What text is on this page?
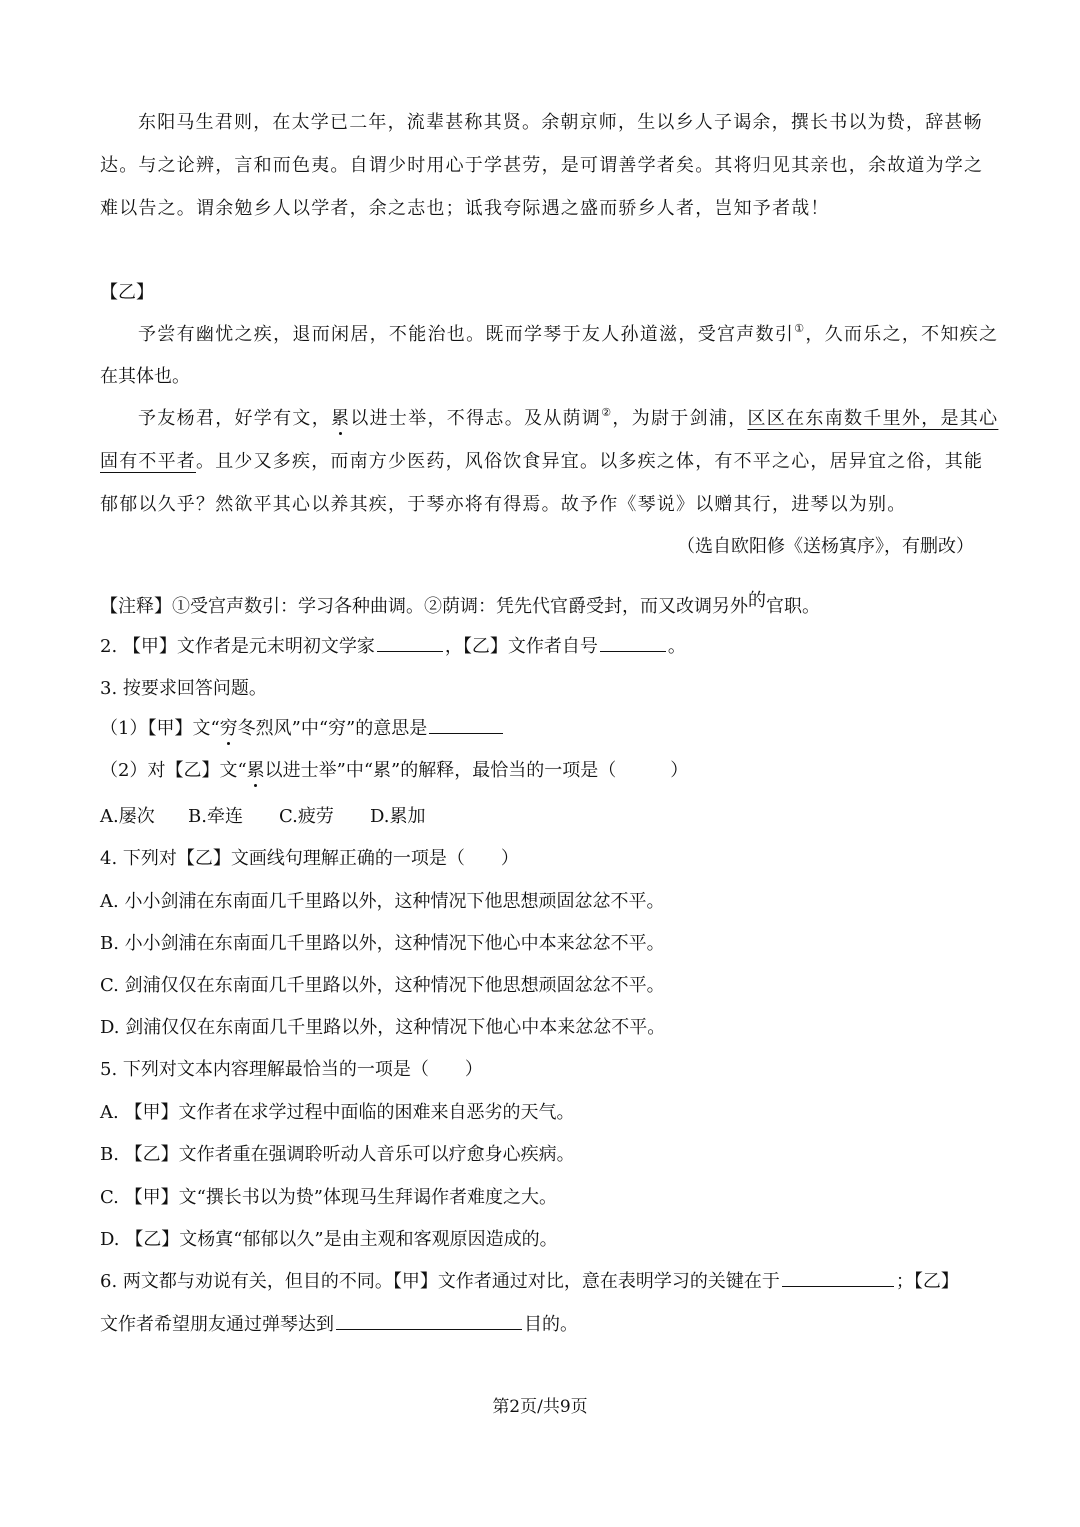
东阳马生君则，在太学已二年，流辈甚称其贤。余朝京师，生以乡人子谒余，撰长书以为贽，辞甚畅
达。与之论辨，言和而色夷。自谓少时用心于学甚劳，是可谓善学者矣。其将归见其亲也，余故道为学之
难以告之。谓余勉乡人以学者，余之志也；诋我夸际遇之盛而骄乡人者，岂知予者哉！
【乙】
予尝有幽忧之疾，退而闲居，不能治也。既而学琴于友人孙道滋，受宫声数引①，久而乐之，不知疾之
在其体也。
予友杨君，好学有文，累以进士举，不得志。及从荫调②，为尉于剑浦，区区在东南数千里外，是其心
固有不平者。且少又多疾，而南方少医药，风俗饮食异宜。以多疾之体，有不平之心，居异宜之俗，其能
郁郁以久乎？然欲平其心以养其疾，于琴亦将有得焉。故予作《琴说》以赠其行，进琴以为别。
（选自欧阳修《送杨寘序》，有删改）
【注释】①受宫声数引：学习各种曲调。②荫调：凭先代官爵受封，而又改调另外的官职。
2. 【甲】文作者是元末明初文学家	，【乙】文作者自号	。
3. 按要求回答问题。
（1）【甲】文“穷冬烈风”中“穷”的意思是
（2）对【乙】文“累以进士举”中“累”的解释，最恰当的一项是（　　　）
A.屡次 B.牵连 C.疲劳 D.累加
4. 下列对【乙】文画线句理解正确的一项是（　　）
A. 小小剑浦在东南面几千里路以外，这种情况下他思想顽固忿忿不平。
B. 小小剑浦在东南面几千里路以外，这种情况下他心中本来忿忿不平。
C. 剑浦仅仅在东南面几千里路以外，这种情况下他思想顽固忿忿不平。
D. 剑浦仅仅在东南面几千里路以外，这种情况下他心中本来忿忿不平。
5. 下列对文本内容理解最恰当的一项是（　　）
A. 【甲】文作者在求学过程中面临的困难来自恶劣的天气。
B. 【乙】文作者重在强调聆听动人音乐可以疗愈身心疾病。
C. 【甲】文“撰长书以为贽”体现马生拜谒作者难度之大。
D. 【乙】文杨寘“郁郁以久”是由主观和客观原因造成的。
6. 两文都与劝说有关，但目的不同。【甲】文作者通过对比，意在表明学习的关键在于	；【乙】
文作者希望朋友通过弹琴达到	目的。
第2页/共9页
